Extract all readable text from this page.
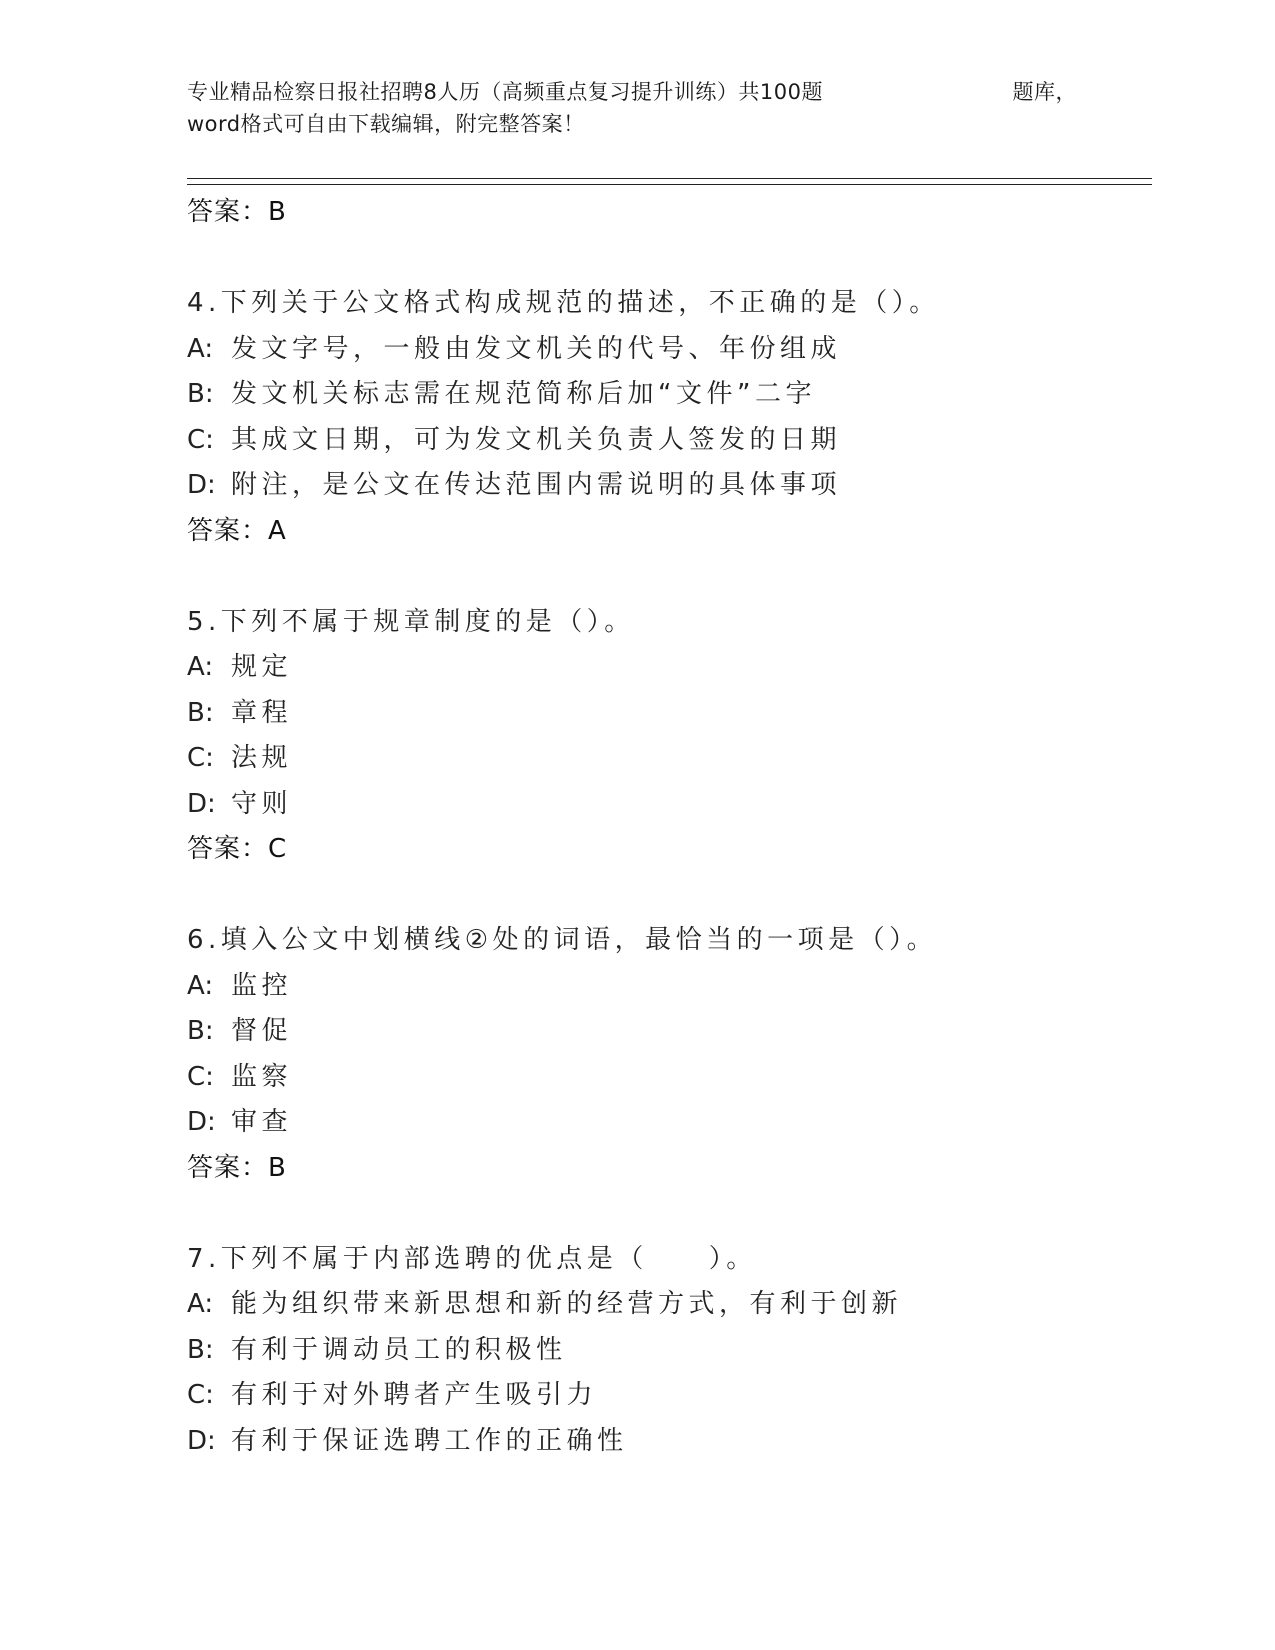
专业精品检察日报社招聘8人历（高频重点复习提升训练）共100题	题库，
word格式可自由下载编辑，附完整答案！
答案：B
4.下列关于公文格式构成规范的描述，不正确的是（）。
A: 发文字号，一般由发文机关的代号、年份组成
B: 发文机关标志需在规范简称后加“文件”二字
C: 其成文日期，可为发文机关负责人签发的日期
D: 附注，是公文在传达范围内需说明的具体事项
答案：A
5.下列不属于规章制度的是（）。
A: 规定
B: 章程
C: 法规
D: 守则
答案：C
6.填入公文中划横线②处的词语，最恰当的一项是（）。
A: 监控
B: 督促
C: 监察
D: 审查
答案：B
7.下列不属于内部选聘的优点是（　　）。
A: 能为组织带来新思想和新的经营方式，有利于创新
B: 有利于调动员工的积极性
C: 有利于对外聘者产生吸引力
D: 有利于保证选聘工作的正确性
